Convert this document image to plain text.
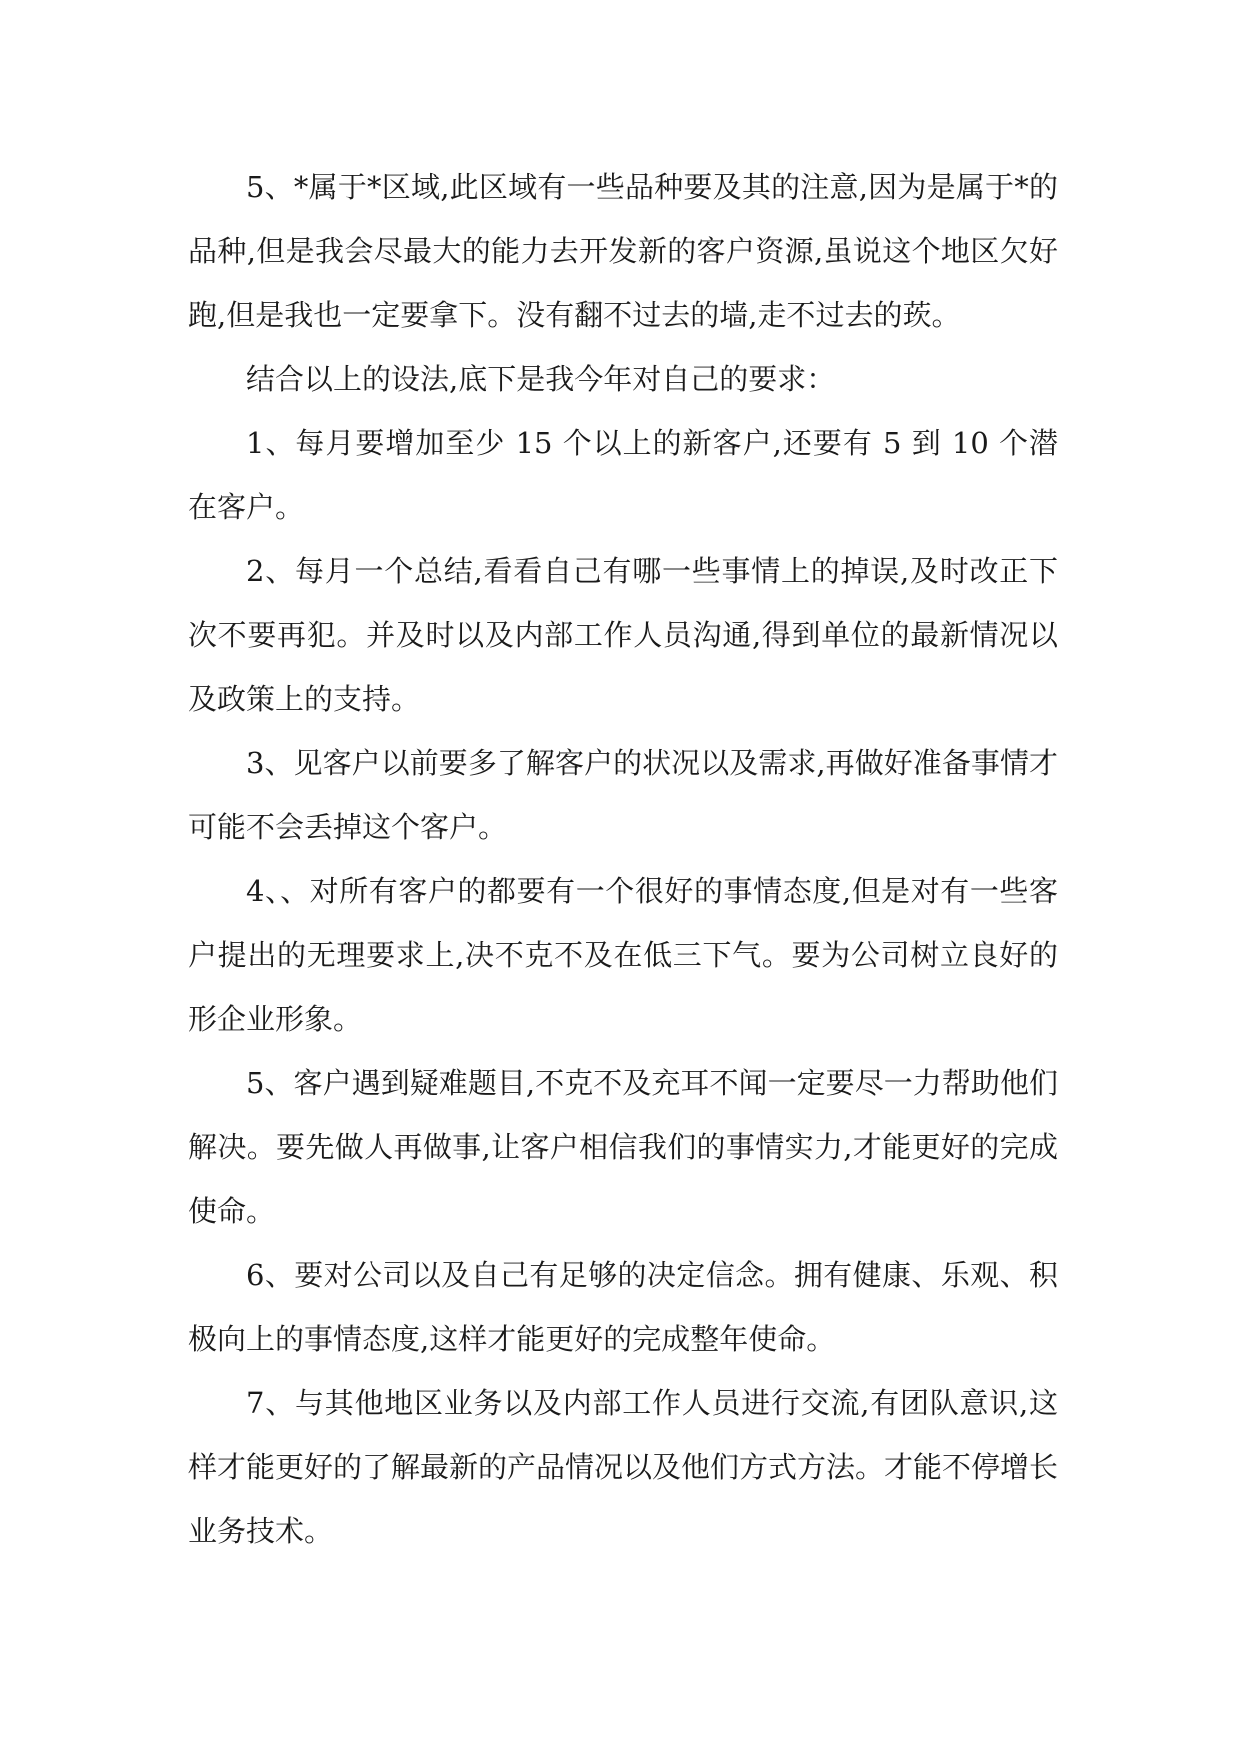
5、*属于*区域,此区域有一些品种要及其的注意,因为是属于*的品种,但是我会尽最大的能力去开发新的客户资源,虽说这个地区欠好跑,但是我也一定要拿下。没有翻不过去的墙,走不过去的莰。

结合以上的设法,底下是我今年对自己的要求：

1、每月要增加至少 15 个以上的新客户,还要有 5 到 10 个潜在客户。

2、每月一个总结,看看自己有哪一些事情上的掉误,及时改正下次不要再犯。并及时以及内部工作人员沟通,得到单位的最新情况以及政策上的支持。

3、见客户以前要多了解客户的状况以及需求,再做好准备事情才可能不会丢掉这个客户。

4、、对所有客户的都要有一个很好的事情态度,但是对有一些客户提出的无理要求上,决不克不及在低三下气。要为公司树立良好的形企业形象。

5、客户遇到疑难题目,不克不及充耳不闻一定要尽一力帮助他们解决。要先做人再做事,让客户相信我们的事情实力,才能更好的完成使命。

6、要对公司以及自己有足够的决定信念。拥有健康、乐观、积极向上的事情态度,这样才能更好的完成整年使命。

7、与其他地区业务以及内部工作人员进行交流,有团队意识,这样才能更好的了解最新的产品情况以及他们方式方法。才能不停增长业务技术。
